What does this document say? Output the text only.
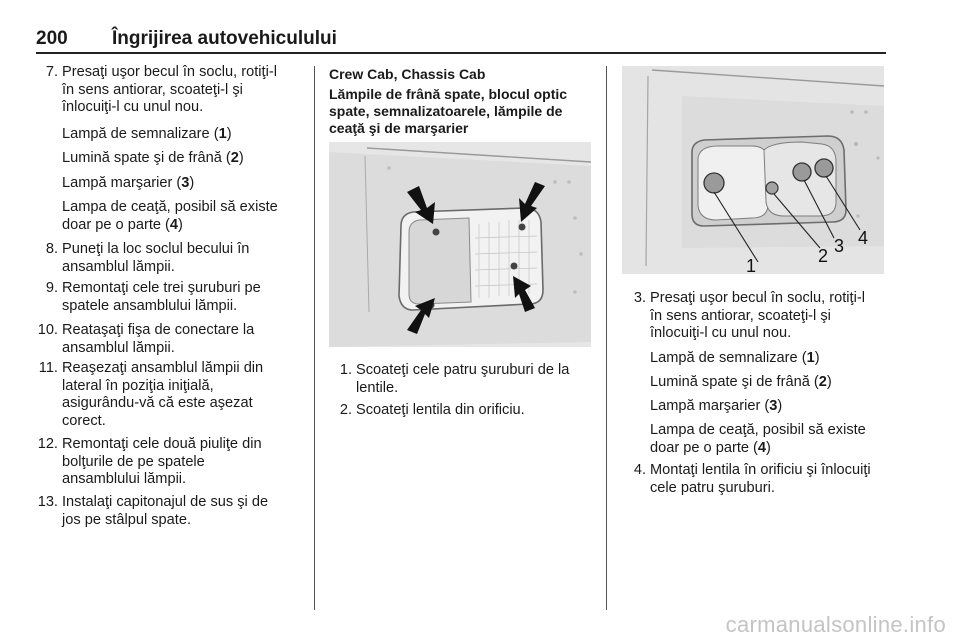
200 Îngrijirea autovehiculului
7. Presaţi uşor becul în soclu, rotiţi-l
în sens antiorar, scoateţi-l şi
înlocuiţi-l cu unul nou.
Lampă de semnalizare (1)
Lumină spate şi de frână (2)
Lampă marşarier (3)
Lampa de ceaţă, posibil să existe
doar pe o parte (4)
8. Puneţi la loc soclul becului în
ansamblul lămpii.
9. Remontaţi cele trei şuruburi pe
spatele ansamblului lămpii.
10. Reataşaţi fişa de conectare la
ansamblul lămpii.
11. Reaşezaţi ansamblul lămpii din
lateral în poziţia iniţială,
asigurându-vă că este aşezat
corect.
12. Remontaţi cele două piuliţe din
bolţurile de pe spatele
ansamblului lămpii.
13. Instalaţi capitonajul de sus şi de
jos pe stâlpul spate.
Crew Cab, Chassis Cab
Lămpile de frână spate, blocul optic
spate, semnalizatoarele, lămpile de
ceaţă şi de marşarier
1. Scoateţi cele patru şuruburi de la
lentile.
2. Scoateţi lentila din orificiu.
1	2 3 4
3. Presaţi uşor becul în soclu, rotiţi-l
în sens antiorar, scoateţi-l şi
înlocuiţi-l cu unul nou.
Lampă de semnalizare (1)
Lumină spate şi de frână (2)
Lampă marşarier (3)
Lampa de ceaţă, posibil să existe
doar pe o parte (4)
4. Montaţi lentila în orificiu şi înlocuiţi
cele patru şuruburi.
carmanualsonline.info
